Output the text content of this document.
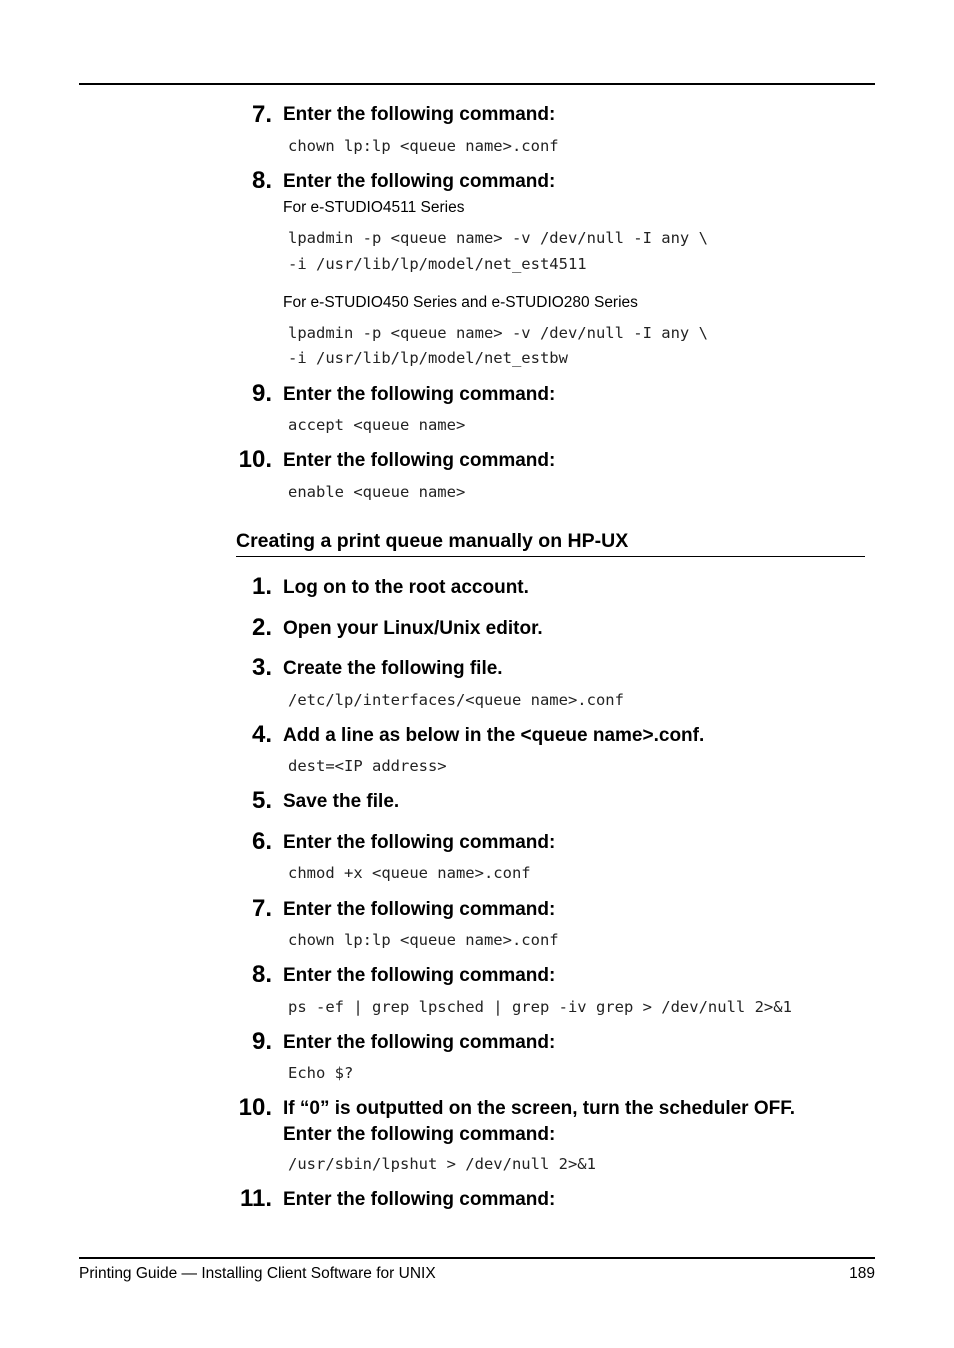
7. Enter the following command:
chown lp:lp <queue name>.conf
8. Enter the following command:
For e-STUDIO4511 Series
lpadmin -p <queue name> -v /dev/null -I any \
-i /usr/lib/lp/model/net_est4511
For e-STUDIO450 Series and e-STUDIO280 Series
lpadmin -p <queue name> -v /dev/null -I any \
-i /usr/lib/lp/model/net_estbw
9. Enter the following command:
accept <queue name>
10. Enter the following command:
enable <queue name>
Creating a print queue manually on HP-UX
1. Log on to the root account.
2. Open your Linux/Unix editor.
3. Create the following file.
/etc/lp/interfaces/<queue name>.conf
4. Add a line as below in the <queue name>.conf.
dest=<IP address>
5. Save the file.
6. Enter the following command:
chmod +x <queue name>.conf
7. Enter the following command:
chown lp:lp <queue name>.conf
8. Enter the following command:
ps -ef | grep lpsched | grep -iv grep > /dev/null 2>&1
9. Enter the following command:
Echo $?
10. If “0” is outputted on the screen, turn the scheduler OFF.
Enter the following command:
/usr/sbin/lpshut > /dev/null 2>&1
11. Enter the following command:
Printing Guide — Installing Client Software for UNIX	189
